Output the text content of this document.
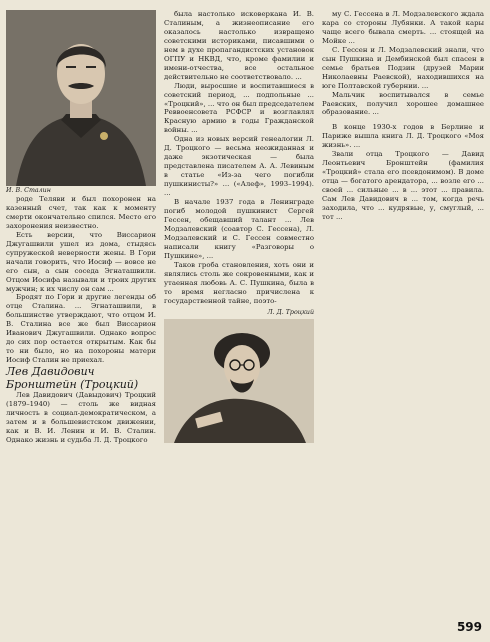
И. В. Сталин

роде Теляви и был похоронен на казенный счет, так как к моменту смерти окончательно спился. Место его захоронения неизвестно.

Есть версии, что Виссарион Джугашвили ушел из дома, стыдясь супружеской неверности жены. В Гори начали говорить, что Иосиф — вовсе не его сын, а сын соседа Эгнаташвили. Отцом Иосифа называли и троих других мужчин; к их числу он сам ...

Бродят по Гори и другие легенды об отце Сталина. ... Эгнаташвили, в большинстве утверждают, что отцом И. В. Сталина все же был Виссарион Иванович Джугашвили. Однако вопрос до сих пор остается открытым. Как бы то ни было, но на похороны матери Иосиф Сталин не приехал.

Лев Давидович Бронштейн (Троцкий)

Лев Давидович (Давыдович) Троцкий (1879–1940) — столь же видная личность в социал-демократическом, а затем и в большевистском движении, как и В. И. Ленин и И. В. Сталин. Однако жизнь и судьба Л. Д. Троцкого

была настолько исковеркана И. В. Сталиным, а жизнеописание его оказалось настолько извращено советскими историками, писавшими о нем в духе пропагандистских установок ОГПУ и НКВД, что, кроме фамилии и имени-отчества, все остальное действительно не соответствовало. ...

Люди, выросшие и воспитавшиеся в советский период, ... подпольные ... «Троцкий», ... что он был председателем Реввоенсовета РСФСР и возглавлял Красную армию в годы Гражданской войны. ...

Одна из новых версий генеалогии Л. Д. Троцкого — весьма неожиданная и даже экзотическая — была представлена писателем А. А. Левиным в статье «Из-за чего погибли пушкинисты?» ... («Алеф», 1993–1994). ...

В начале 1937 года в Ленинграде погиб молодой пушкинист Сергей Гессен, обещавший талант ... Лев Модзалевский (соавтор С. Гессена), Л. Модзалевский и С. Гессен совместно написали книгу «Разговоры о Пушкине», ...

Таков гроба становления, хоть они и являлись столь же сокровенными, как и утаенная любовь А. С. Пушкина, была в то время негласно причислена к государственной тайне, поэто-

Л. Д. Троцкий

му С. Гессена в Л. Модзалевского ждала кара со стороны Лубянки. А такой кары чаще всего бывала смерть. ... стоящей на Мойке ...

С. Гессен и Л. Модзалевский знали, что сын Пушкина и Дембинской был спасен в семье братьев Подзин (друзей Марии Николаевны Раевской), находившихся на юге Полтавской губернии. ...

Мальчик воспитывался в семье Раевских, получил хорошее домашнее образование. ...

В конце 1930-х годов в Берлине и Париже вышла книга Л. Д. Троцкого «Моя жизнь». ...

Звали отца Троцкого — Давид Леонтьевич Бронштейн (фамилия «Троцкий» стала его псевдонимом). В доме отца — богатого арендатора, ... возле его ... своей ... сильные ... в ... этот ... правила. Сам Лев Давидович в ... том, когда речь заходила, что ... кудрявые, у, смуглый, ... тот ...

599
